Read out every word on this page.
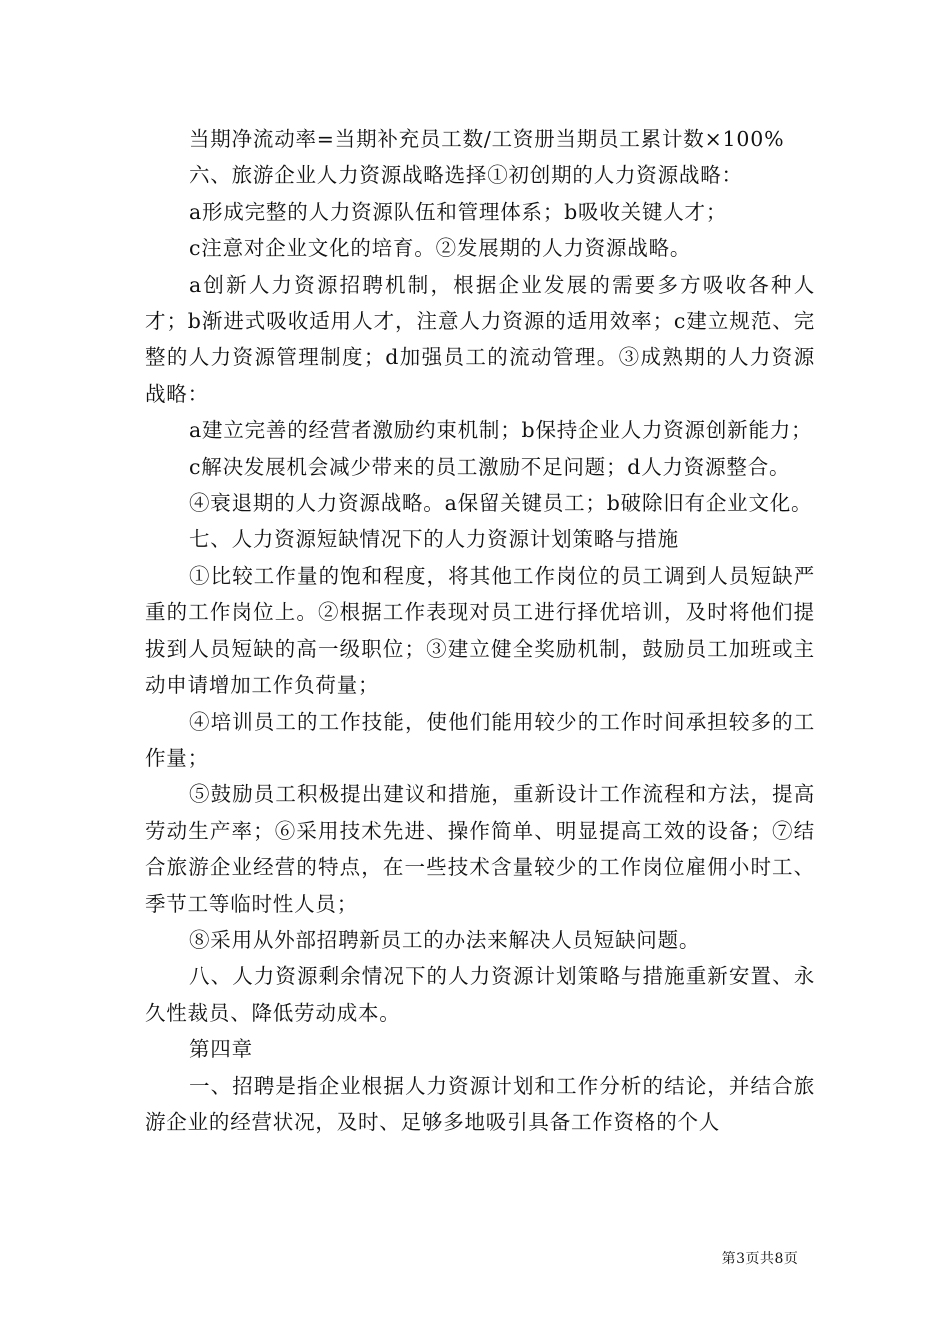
当期净流动率=当期补充员工数/工资册当期员工累计数×100%

六、旅游企业人力资源战略选择①初创期的人力资源战略：

a形成完整的人力资源队伍和管理体系；b吸收关键人才；

c注意对企业文化的培育。②发展期的人力资源战略。

a创新人力资源招聘机制，根据企业发展的需要多方吸收各种人才；b渐进式吸收适用人才，注意人力资源的适用效率；c建立规范、完整的人力资源管理制度；d加强员工的流动管理。③成熟期的人力资源战略：

a建立完善的经营者激励约束机制；b保持企业人力资源创新能力；

c解决发展机会减少带来的员工激励不足问题；d人力资源整合。

④衰退期的人力资源战略。a保留关键员工；b破除旧有企业文化。

七、人力资源短缺情况下的人力资源计划策略与措施

①比较工作量的饱和程度，将其他工作岗位的员工调到人员短缺严重的工作岗位上。②根据工作表现对员工进行择优培训，及时将他们提拔到人员短缺的高一级职位；③建立健全奖励机制，鼓励员工加班或主动申请增加工作负荷量；

④培训员工的工作技能，使他们能用较少的工作时间承担较多的工作量；

⑤鼓励员工积极提出建议和措施，重新设计工作流程和方法，提高劳动生产率；⑥采用技术先进、操作简单、明显提高工效的设备；⑦结合旅游企业经营的特点，在一些技术含量较少的工作岗位雇佣小时工、季节工等临时性人员；

⑧采用从外部招聘新员工的办法来解决人员短缺问题。

八、人力资源剩余情况下的人力资源计划策略与措施重新安置、永久性裁员、降低劳动成本。

第四章

一、招聘是指企业根据人力资源计划和工作分析的结论，并结合旅游企业的经营状况，及时、足够多地吸引具备工作资格的个人

第3页共8页
